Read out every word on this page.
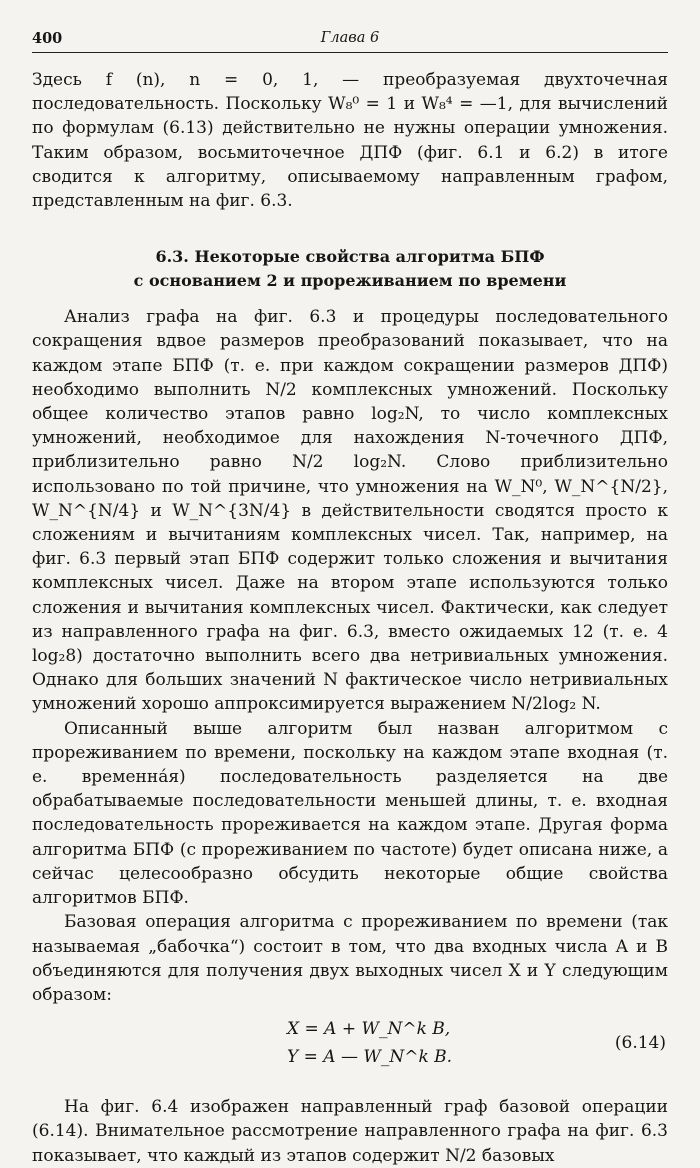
400	Глава 6

Здесь f (n), n = 0, 1, — преобразуемая двухточечная последовательность. Поскольку W₈⁰ = 1 и W₈⁴ = —1, для вычислений по формулам (6.13) действительно не нужны операции умножения. Таким образом, восьмиточечное ДПФ (фиг. 6.1 и 6.2) в итоге сводится к алгоритму, описываемому направленным графом, представленным на фиг. 6.3.

6.3. Некоторые свойства алгоритма БПФ
с основанием 2 и прореживанием по времени

Анализ графа на фиг. 6.3 и процедуры последовательного сокращения вдвое размеров преобразований показывает, что на каждом этапе БПФ (т. е. при каждом сокращении размеров ДПФ) необходимо выполнить N/2 комплексных умножений. Поскольку общее количество этапов равно log₂N, то число комплексных умножений, необходимое для нахождения N-точечного ДПФ, приблизительно равно N/2 log₂N. Слово приблизительно использовано по той причине, что умножения на W_N⁰, W_N^{N/2}, W_N^{N/4} и W_N^{3N/4} в действительности сводятся просто к сложениям и вычитаниям комплексных чисел. Так, например, на фиг. 6.3 первый этап БПФ содержит только сложения и вычитания комплексных чисел. Даже на втором этапе используются только сложения и вычитания комплексных чисел. Фактически, как следует из направленного графа на фиг. 6.3, вместо ожидаемых 12 (т. е. 4 log₂8) достаточно выполнить всего два нетривиальных умножения. Однако для больших значений N фактическое число нетривиальных умножений хорошо аппроксимируется выражением N/2log₂ N.

Описанный выше алгоритм был назван алгоритмом с прореживанием по времени, поскольку на каждом этапе входная (т. е. временна́я) последовательность разделяется на две обрабатываемые последовательности меньшей длины, т. е. входная последовательность прореживается на каждом этапе. Другая форма алгоритма БПФ (с прореживанием по частоте) будет описана ниже, а сейчас целесообразно обсудить некоторые общие свойства алгоритмов БПФ.

Базовая операция алгоритма с прореживанием по времени (так называемая „бабочка“) состоит в том, что два входных числа A и B объединяются для получения двух выходных чисел X и Y следующим образом:

X = A + W_N^k B,
Y = A — W_N^k B.
(6.14)

На фиг. 6.4 изображен направленный граф базовой операции (6.14). Внимательное рассмотрение направленного графа на фиг. 6.3 показывает, что каждый из этапов содержит N/2 базовых
